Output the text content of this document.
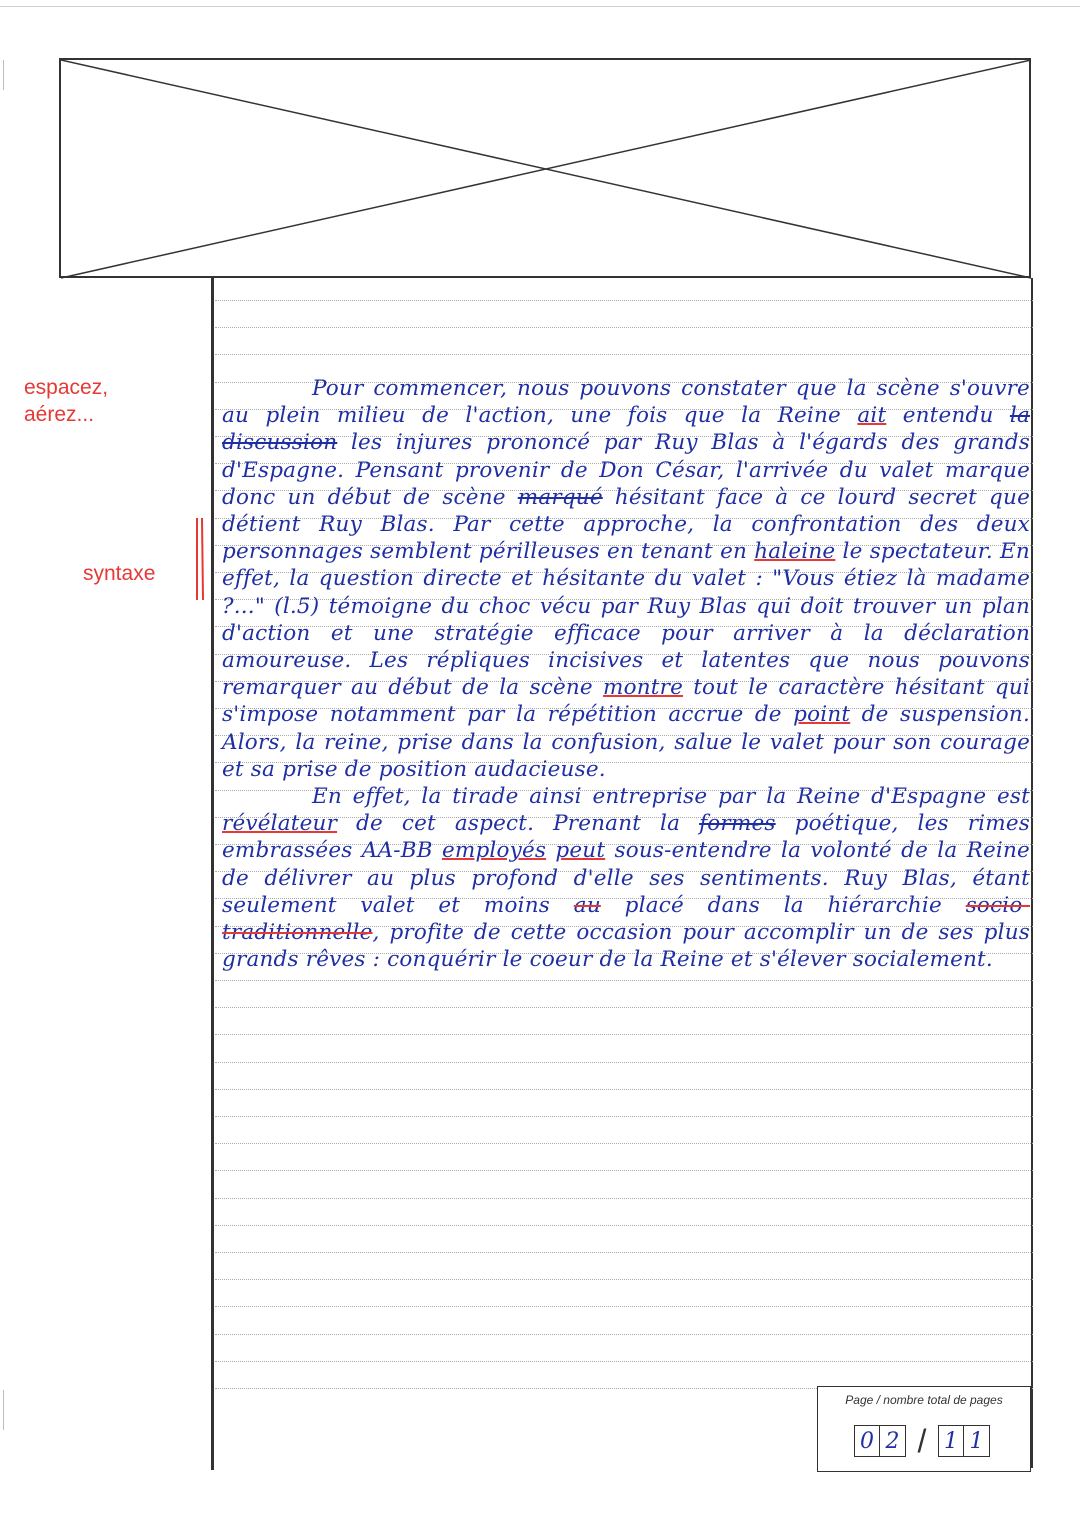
espacez,
aérez...
syntaxe

Pour commencer, nous pouvons constater que la scène s'ouvre au plein milieu de l'action, une fois que la Reine ait entendu la discussion les injures prononcé par Ruy Blas à l'égards des grands d'Espagne. Pensant provenir de Don César, l'arrivée du valet marque donc un début de scène marqué hésitant face à ce lourd secret que détient Ruy Blas. Par cette approche, la confrontation des deux personnages semblent périlleuses en tenant en haleine le spectateur. En effet, la question directe et hésitante du valet : "Vous étiez là madame ?..." (l.5) témoigne du choc vécu par Ruy Blas qui doit trouver un plan d'action et une stratégie efficace pour arriver à la déclaration amoureuse. Les répliques incisives et latentes que nous pouvons remarquer au début de la scène montre tout le caractère hésitant qui s'impose notamment par la répétition accrue de point de suspension. Alors, la reine, prise dans la confusion, salue le valet pour son courage et sa prise de position audacieuse.

En effet, la tirade ainsi entreprise par la Reine d'Espagne est révélateur de cet aspect. Prenant la formes poétique, les rimes embrassées AA-BB employés peut sous-entendre la volonté de la Reine de délivrer au plus profond d'elle ses sentiments. Ruy Blas, étant seulement valet et moins au placé dans la hiérarchie socio-traditionnelle, profite de cette occasion pour accomplir un de ses plus grands rêves : conquérir le coeur de la Reine et s'élever socialement.

Page / nombre total de pages
0 2 / 1 1
